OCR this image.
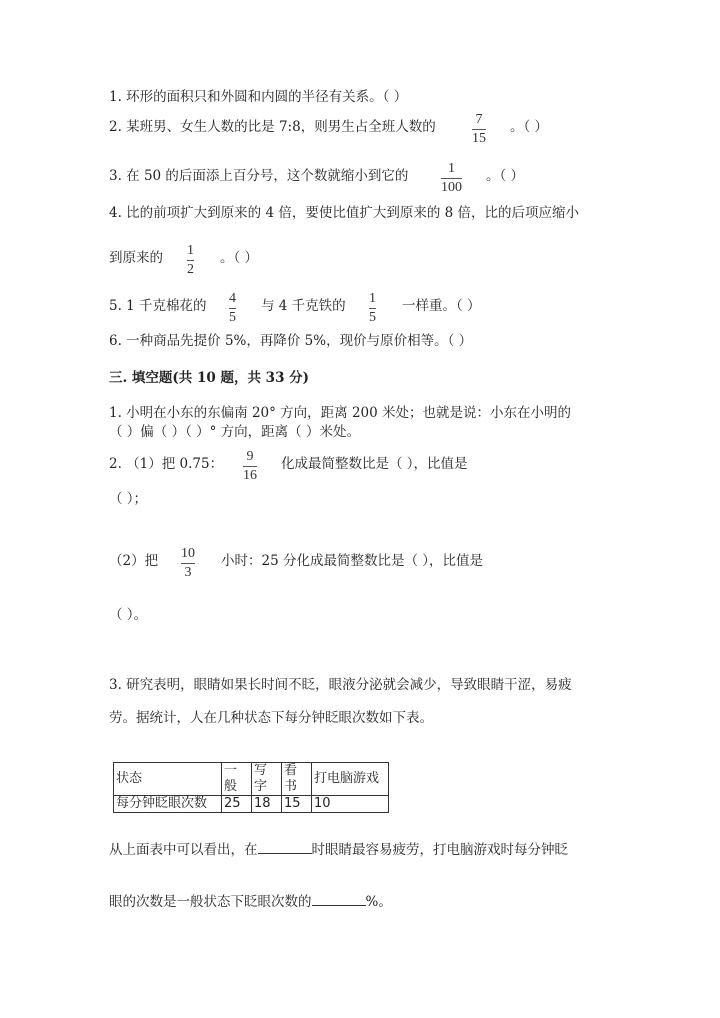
1. 环形的面积只和外圆和内圆的半径有关系。（ ）
2. 某班男、女生人数的比是 7:8，则男生占全班人数的	7
15
。（ ）
3. 在 50 的后面添上百分号，这个数就缩小到它的	1
100
。（ ）
4. 比的前项扩大到原来的 4 倍，要使比值扩大到原来的 8 倍，比的后项应缩小
到原来的 1
2
。（ ）
5. 1 千克棉花的 4
5
与 4 千克铁的 1
5
一样重。（ ）
6. 一种商品先提价 5%，再降价 5%，现价与原价相等。（ ）
三. 填空题(共 10 题，共 33 分)
1. 小明在小东的东偏南 20° 方向，距离 200 米处；也就是说：小东在小明的
（ ）偏（ ）（ ）° 方向，距离（ ）米处。
2. （1）把 0.75： 9
16
化成最简整数比是（ ），比值是
（ ）；
（2）把 10
3
小时：25 分化成最简整数比是（ ），比值是
（ ）。
3. 研究表明，眼睛如果长时间不眨，眼液分泌就会减少，导致眼睛干涩，易疲
劳。据统计，人在几种状态下每分钟眨眼次数如下表。
状态	一般	写字	看书	打电脑游戏
每分钟眨眼次数	25	18	15	10
从上面表中可以看出，在	时眼睛最容易疲劳，打电脑游戏时每分钟眨
眼的次数是一般状态下眨眼次数的	%。
